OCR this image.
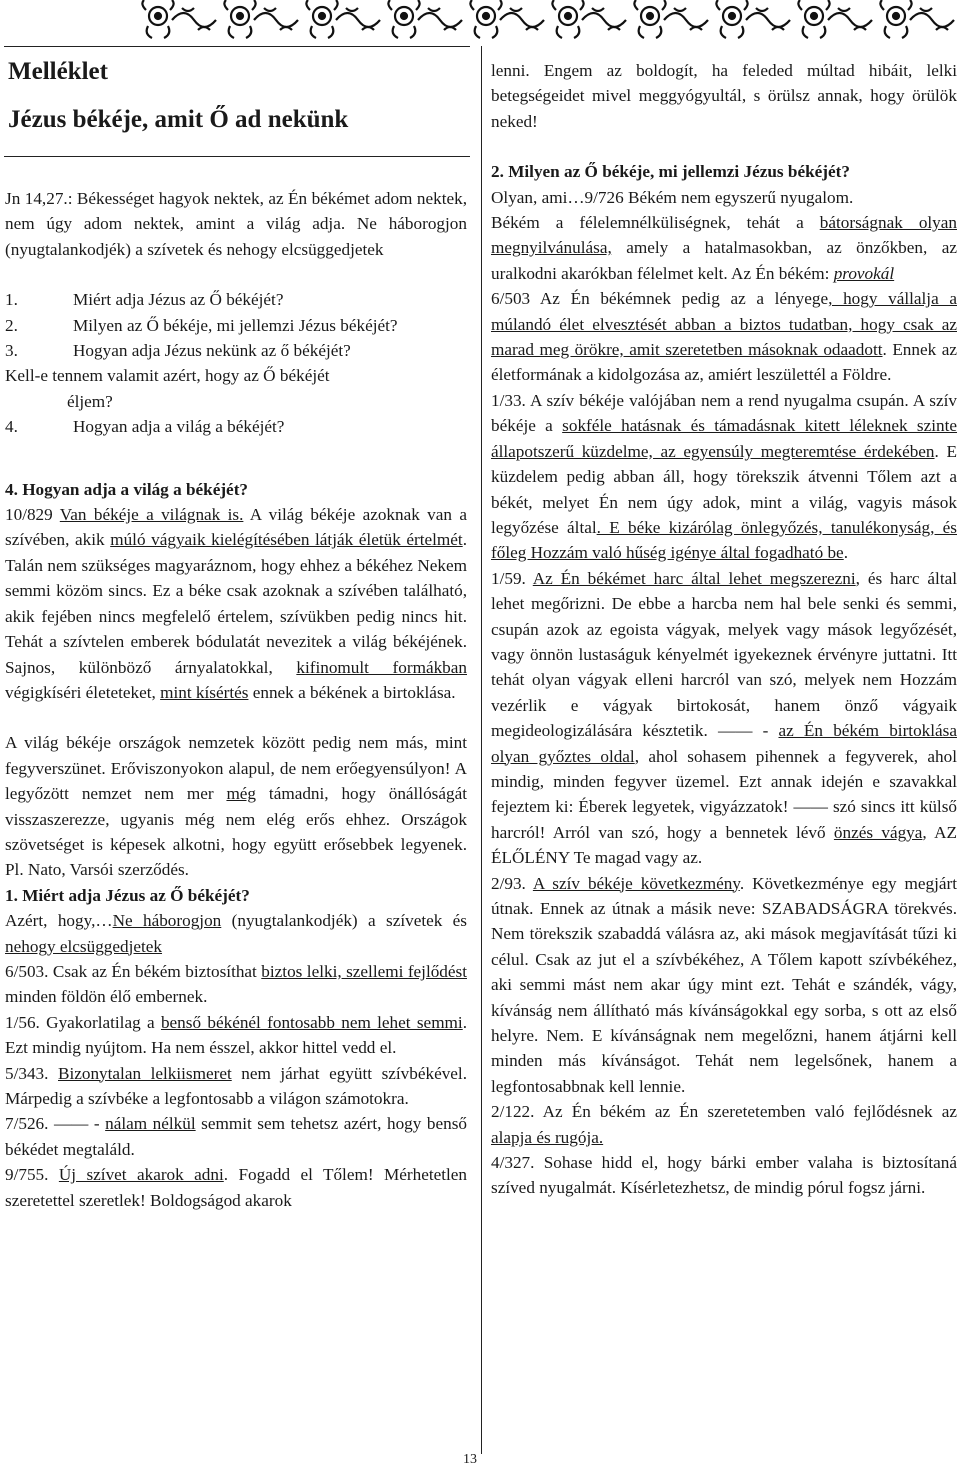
Melléklet
Jézus békéje, amit Ő ad nekünk

Jn 14,27.: Békességet hagyok nektek, az Én békémet adom nektek, nem úgy adom nektek, amint a világ adja. Ne háborogjon (nyugtalankodjék) a szívetek és nehogy elcsüggedjetek

1.	Miért adja Jézus az Ő békéjét?

2.	Milyen az Ő békéje, mi jellemzi Jézus békéjét?

3.	Hogyan adja Jézus nekünk az ő békéjét?

Kell-e tennem valamit azért, hogy az Ő békéjét

éljem?

4.	Hogyan adja a világ a békéjét?

4. Hogyan adja a világ a békéjét?

10/829 Van békéje a világnak is. A világ békéje azoknak van a szívében, akik múló vágyaik kielégítésében látják életük értelmét. Talán nem szükséges magyaráznom, hogy ehhez a békéhez Nekem semmi közöm sincs. Ez a béke csak azoknak a szívében található, akik fejében nincs megfelelő értelem, szívükben pedig nincs hit. Tehát a szívtelen emberek bódulatát nevezitek a világ békéjének. Sajnos, különböző árnyalatokkal, kifinomult formákban végigkíséri életeteket, mint kísértés ennek a békének a birtoklása.

A világ békéje országok nemzetek között pedig nem más, mint fegyverszünet. Erőviszonyokon alapul, de nem erőegyensúlyon! A legyőzött nemzet nem mer még támadni, hogy önállóságát visszaszerezze, ugyanis még nem elég erős ehhez. Országok szövetséget is képesek alkotni, hogy együtt erősebbek legyenek. Pl. Nato, Varsói szerződés.

1. Miért adja Jézus az Ő békéjét?

Azért, hogy,…Ne háborogjon (nyugtalankodjék) a szívetek és nehogy elcsüggedjetek

6/503. Csak az Én békém biztosíthat biztos lelki, szellemi fejlődést minden földön élő embernek.

1/56. Gyakorlatilag a benső békénél fontosabb nem lehet semmi. Ezt mindig nyújtom. Ha nem ésszel, akkor hittel vedd el.

5/343. Bizonytalan lelkiismeret nem járhat együtt szívbékével. Márpedig a szívbéke a legfontosabb a világon számotokra.

7/526. —— - nálam nélkül semmit sem tehetsz azért, hogy benső békédet megtaláld.

9/755. Új szívet akarok adni. Fogadd el Tőlem! Mérhetetlen szeretettel szeretlek! Boldogságod akarok

lenni. Engem az boldogít, ha feleded múltad hibáit, lelki betegségeidet mivel meggyógyultál, s örülsz annak, hogy örülök neked!

2. Milyen az Ő békéje, mi jellemzi Jézus békéjét?

Olyan, ami…9/726 Békém nem egyszerű nyugalom.

Békém a félelemnélküliségnek, tehát a bátorságnak olyan megnyilvánulása, amely a hatalmasokban, az önzőkben, az uralkodni akarókban félelmet kelt. Az Én békém: provokál

6/503 Az Én békémnek pedig az a lényege, hogy vállalja a múlandó élet elvesztését abban a biztos tudatban, hogy csak az marad meg örökre, amit szeretetben másoknak odaadott. Ennek az életformának a kidolgozása az, amiért leszülettél a Földre.

1/33. A szív békéje valójában nem a rend nyugalma csupán. A szív békéje a sokféle hatásnak és támadásnak kitett léleknek szinte állapotszerű küzdelme, az egyensúly megteremtése érdekében. E küzdelem pedig abban áll, hogy törekszik átvenni Tőlem azt a békét, melyet Én nem úgy adok, mint a világ, vagyis mások legyőzése által. E béke kizárólag önlegyőzés, tanulékonyság, és főleg Hozzám való hűség igénye által fogadható be.

1/59. Az Én békémet harc által lehet megszerezni, és harc által lehet megőrizni. De ebbe a harcba nem hal bele senki és semmi, csupán azok az egoista vágyak, melyek vagy mások legyőzését, vagy önnön lustaságuk kényelmét igyekeznek érvényre juttatni. Itt tehát olyan vágyak elleni harcról van szó, melyek nem Hozzám vezérlik e vágyak birtokosát, hanem önző vágyaik megideologizálására késztetik. —— - az Én békém birtoklása olyan győztes oldal, ahol sohasem pihennek a fegyverek, ahol mindig, minden fegyver üzemel. Ezt annak idején e szavakkal fejeztem ki: Éberek legyetek, vigyázzatok! —— szó sincs itt külső harcról! Arról van szó, hogy a bennetek lévő önzés vágya, AZ ÉLŐLÉNY Te magad vagy az.

2/93. A szív békéje következmény. Következménye egy megjárt útnak. Ennek az útnak a másik neve: SZABADSÁGRA törekvés. Nem törekszik szabaddá válásra az, aki mások megjavítását tűzi ki célul. Csak az jut el a szívbékéhez, A Tőlem kapott szívbékéhez, aki semmi mást nem akar úgy mint ezt. Tehát e szándék, vágy, kívánság nem állítható más kívánságokkal egy sorba, s ott az első helyre. Nem. E kívánságnak nem megelőzni, hanem átjárni kell minden más kívánságot. Tehát nem legelsőnek, hanem a legfontosabbnak kell lennie.

2/122. Az Én békém az Én szeretetemben való fejlődésnek az alapja és rugója.

4/327. Sohase hidd el, hogy bárki ember valaha is biztosítaná szíved nyugalmát. Kísérletezhetsz, de mindig pórul fogsz járni.

13
